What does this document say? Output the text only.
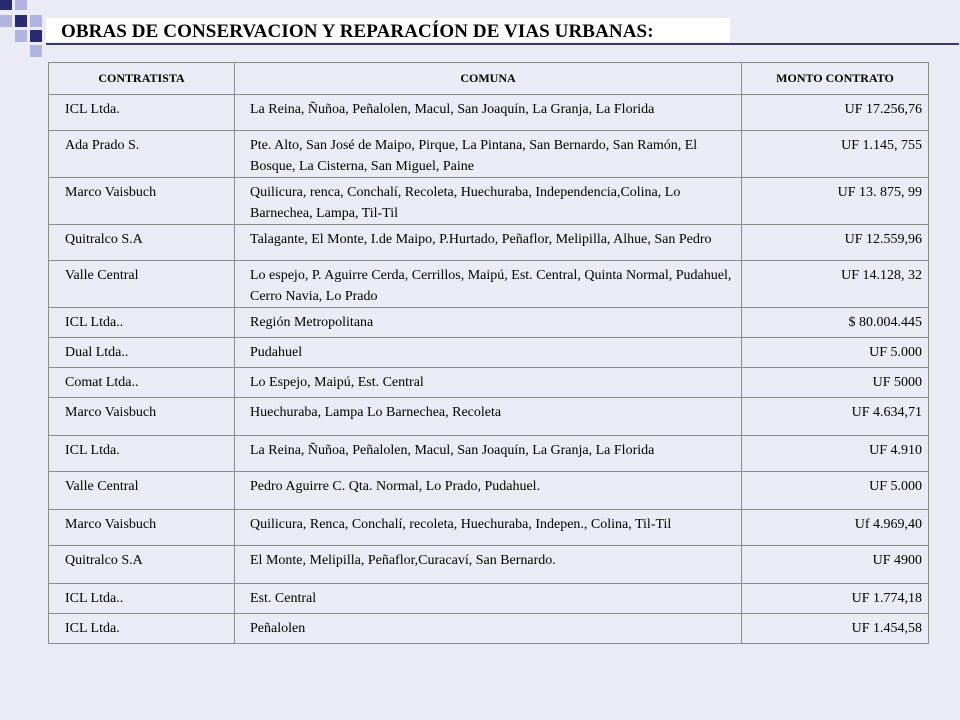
OBRAS DE CONSERVACION Y REPARACÍON DE VIAS URBANAS:
CONTRATISTA	COMUNA	MONTO CONTRATO
ICL Ltda.	La Reina, Ñuñoa, Peñalolen, Macul, San Joaquín, La Granja, La Florida	UF 17.256,76
Ada Prado S.	Pte. Alto, San José de Maipo, Pirque, La Pintana, San Bernardo, San Ramón, El Bosque, La Cisterna, San Miguel, Paine	UF 1.145, 755
Marco Vaisbuch	Quilicura, renca, Conchalí, Recoleta, Huechuraba, Independencia,Colina, Lo Barnechea, Lampa, Til-Til	UF 13. 875, 99
Quitralco S.A	Talagante, El Monte, I.de Maipo, P.Hurtado, Peñaflor, Melipilla, Alhue, San Pedro	UF 12.559,96
Valle Central	Lo espejo, P. Aguirre Cerda, Cerrillos, Maipú, Est. Central, Quinta Normal, Pudahuel, Cerro Navia, Lo Prado	UF 14.128, 32
ICL Ltda..	Región Metropolitana	$ 80.004.445
Dual Ltda..	Pudahuel	UF 5.000
Comat Ltda..	Lo Espejo, Maipú, Est. Central	UF 5000
Marco Vaisbuch	Huechuraba, Lampa Lo Barnechea, Recoleta	UF 4.634,71
ICL Ltda.	La Reina, Ñuñoa, Peñalolen, Macul, San Joaquín, La Granja, La Florida	UF 4.910
Valle Central	Pedro Aguirre C. Qta. Normal, Lo Prado, Pudahuel.	UF 5.000
Marco Vaisbuch	Quilicura, Renca, Conchalí, recoleta, Huechuraba, Indepen., Colina, Til-Til	Uf 4.969,40
Quitralco S.A	El Monte, Melipilla, Peñaflor,Curacaví, San Bernardo.	UF 4900
ICL Ltda..	Est. Central	UF 1.774,18
ICL Ltda.	Peñalolen	UF 1.454,58
